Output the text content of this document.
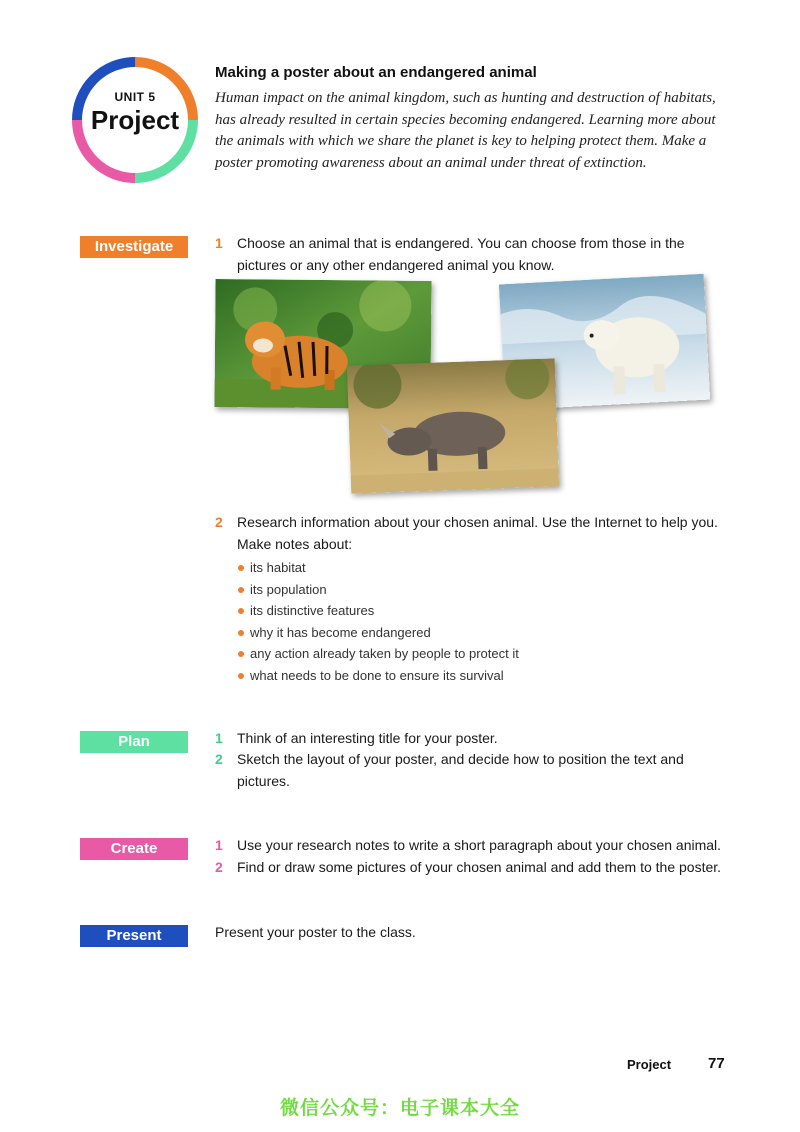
UNIT 5
Project
Making a poster about an endangered animal
Human impact on the animal kingdom, such as hunting and destruction of habitats, has already resulted in certain species becoming endangered. Learning more about the animals with which we share the planet is key to helping protect them. Make a poster promoting awareness about an animal under threat of extinction.
Investigate	1 Choose an animal that is endangered. You can choose from those in the pictures or any other endangered animal you know.
2 Research information about your chosen animal. Use the Internet to help you. Make notes about:
its habitat
its population
its distinctive features
why it has become endangered
any action already taken by people to protect it
what needs to be done to ensure its survival
Plan	1 Think of an interesting title for your poster.
2 Sketch the layout of your poster, and decide how to position the text and pictures.
Create	1 Use your research notes to write a short paragraph about your chosen animal.
2 Find or draw some pictures of your chosen animal and add them to the poster.
Present	Present your poster to the class.
Project 77
微信公众号：电子课本大全
